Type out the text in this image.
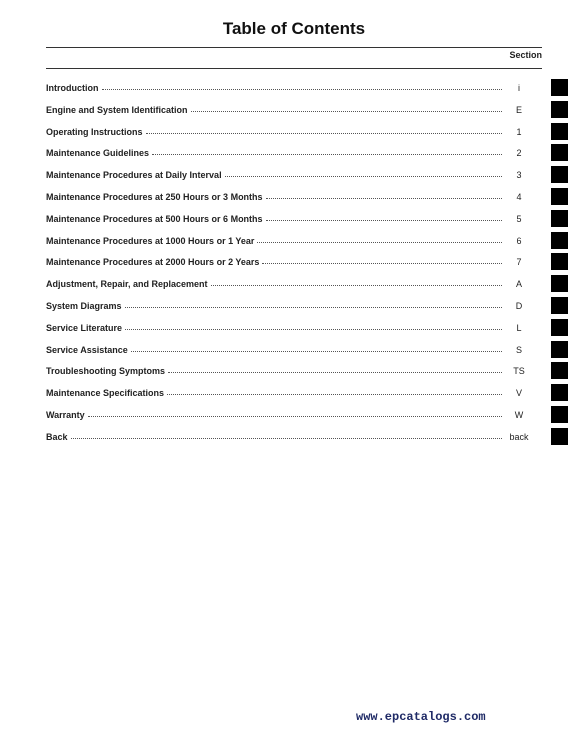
Table of Contents
Section
Introduction	i
Engine and System Identification	E
Operating Instructions	1
Maintenance Guidelines	2
Maintenance Procedures at Daily Interval	3
Maintenance Procedures at 250 Hours or 3 Months	4
Maintenance Procedures at 500 Hours or 6 Months	5
Maintenance Procedures at 1000 Hours or 1 Year	6
Maintenance Procedures at 2000 Hours or 2 Years	7
Adjustment, Repair, and Replacement	A
System Diagrams	D
Service Literature	L
Service Assistance	S
Troubleshooting Symptoms	TS
Maintenance Specifications	V
Warranty	W
Back	back
www.epcatalogs.com
